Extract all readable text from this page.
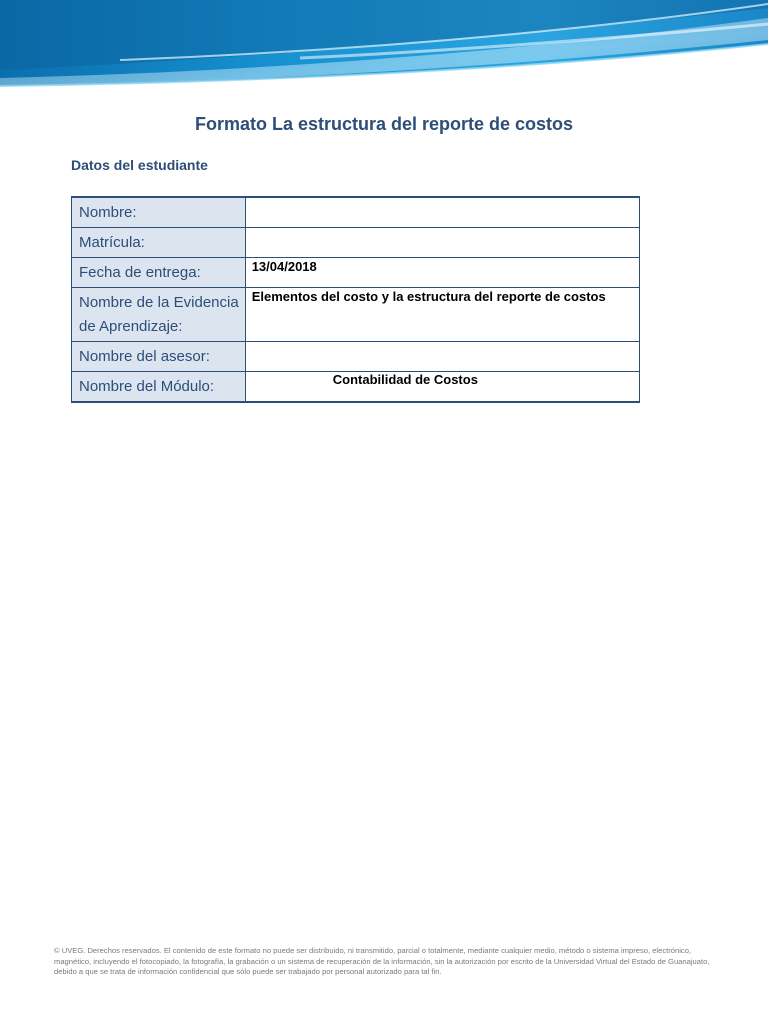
Formato La estructura del reporte de costos
Datos del estudiante
Nombre:	
Matrícula:	
Fecha de entrega:	13/04/2018
Nombre de la Evidencia de Aprendizaje:	Elementos del costo y la estructura del reporte de costos
Nombre del asesor:	
Nombre del Módulo:	Contabilidad de Costos
© UVEG. Derechos reservados. El contenido de este formato no puede ser distribuido, ni transmitido, parcial o totalmente, mediante cualquier medio, método o sistema impreso, electrónico, magnético, incluyendo el fotocopiado, la fotografía, la grabación o un sistema de recuperación de la información, sin la autorización por escrito de la Universidad Virtual del Estado de Guanajuato, debido a que se trata de información confidencial que sólo puede ser trabajado por personal autorizado para tal fin.
